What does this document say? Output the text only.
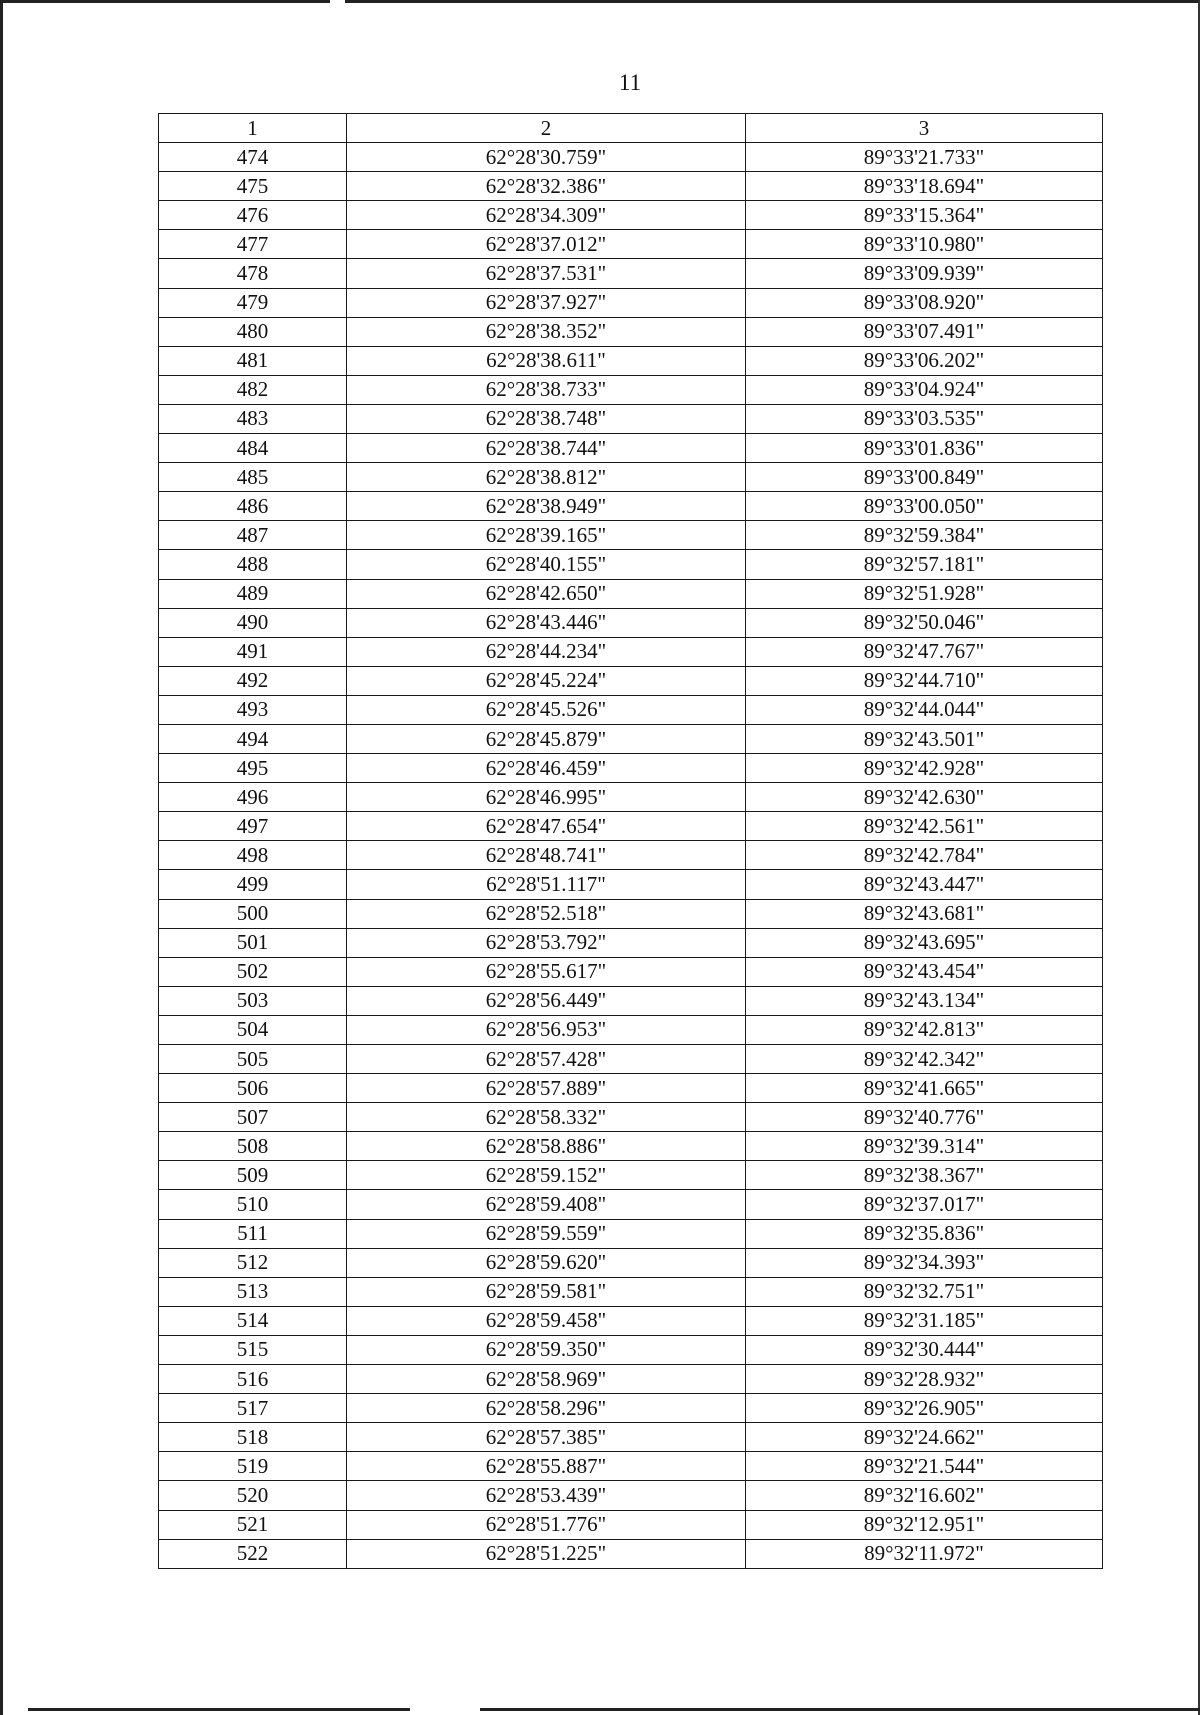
11
1	2	3
474	62°28'30.759"	89°33'21.733"
475	62°28'32.386"	89°33'18.694"
476	62°28'34.309"	89°33'15.364"
477	62°28'37.012"	89°33'10.980"
478	62°28'37.531"	89°33'09.939"
479	62°28'37.927"	89°33'08.920"
480	62°28'38.352"	89°33'07.491"
481	62°28'38.611"	89°33'06.202"
482	62°28'38.733"	89°33'04.924"
483	62°28'38.748"	89°33'03.535"
484	62°28'38.744"	89°33'01.836"
485	62°28'38.812"	89°33'00.849"
486	62°28'38.949"	89°33'00.050"
487	62°28'39.165"	89°32'59.384"
488	62°28'40.155"	89°32'57.181"
489	62°28'42.650"	89°32'51.928"
490	62°28'43.446"	89°32'50.046"
491	62°28'44.234"	89°32'47.767"
492	62°28'45.224"	89°32'44.710"
493	62°28'45.526"	89°32'44.044"
494	62°28'45.879"	89°32'43.501"
495	62°28'46.459"	89°32'42.928"
496	62°28'46.995"	89°32'42.630"
497	62°28'47.654"	89°32'42.561"
498	62°28'48.741"	89°32'42.784"
499	62°28'51.117"	89°32'43.447"
500	62°28'52.518"	89°32'43.681"
501	62°28'53.792"	89°32'43.695"
502	62°28'55.617"	89°32'43.454"
503	62°28'56.449"	89°32'43.134"
504	62°28'56.953"	89°32'42.813"
505	62°28'57.428"	89°32'42.342"
506	62°28'57.889"	89°32'41.665"
507	62°28'58.332"	89°32'40.776"
508	62°28'58.886"	89°32'39.314"
509	62°28'59.152"	89°32'38.367"
510	62°28'59.408"	89°32'37.017"
511	62°28'59.559"	89°32'35.836"
512	62°28'59.620"	89°32'34.393"
513	62°28'59.581"	89°32'32.751"
514	62°28'59.458"	89°32'31.185"
515	62°28'59.350"	89°32'30.444"
516	62°28'58.969"	89°32'28.932"
517	62°28'58.296"	89°32'26.905"
518	62°28'57.385"	89°32'24.662"
519	62°28'55.887"	89°32'21.544"
520	62°28'53.439"	89°32'16.602"
521	62°28'51.776"	89°32'12.951"
522	62°28'51.225"	89°32'11.972"
